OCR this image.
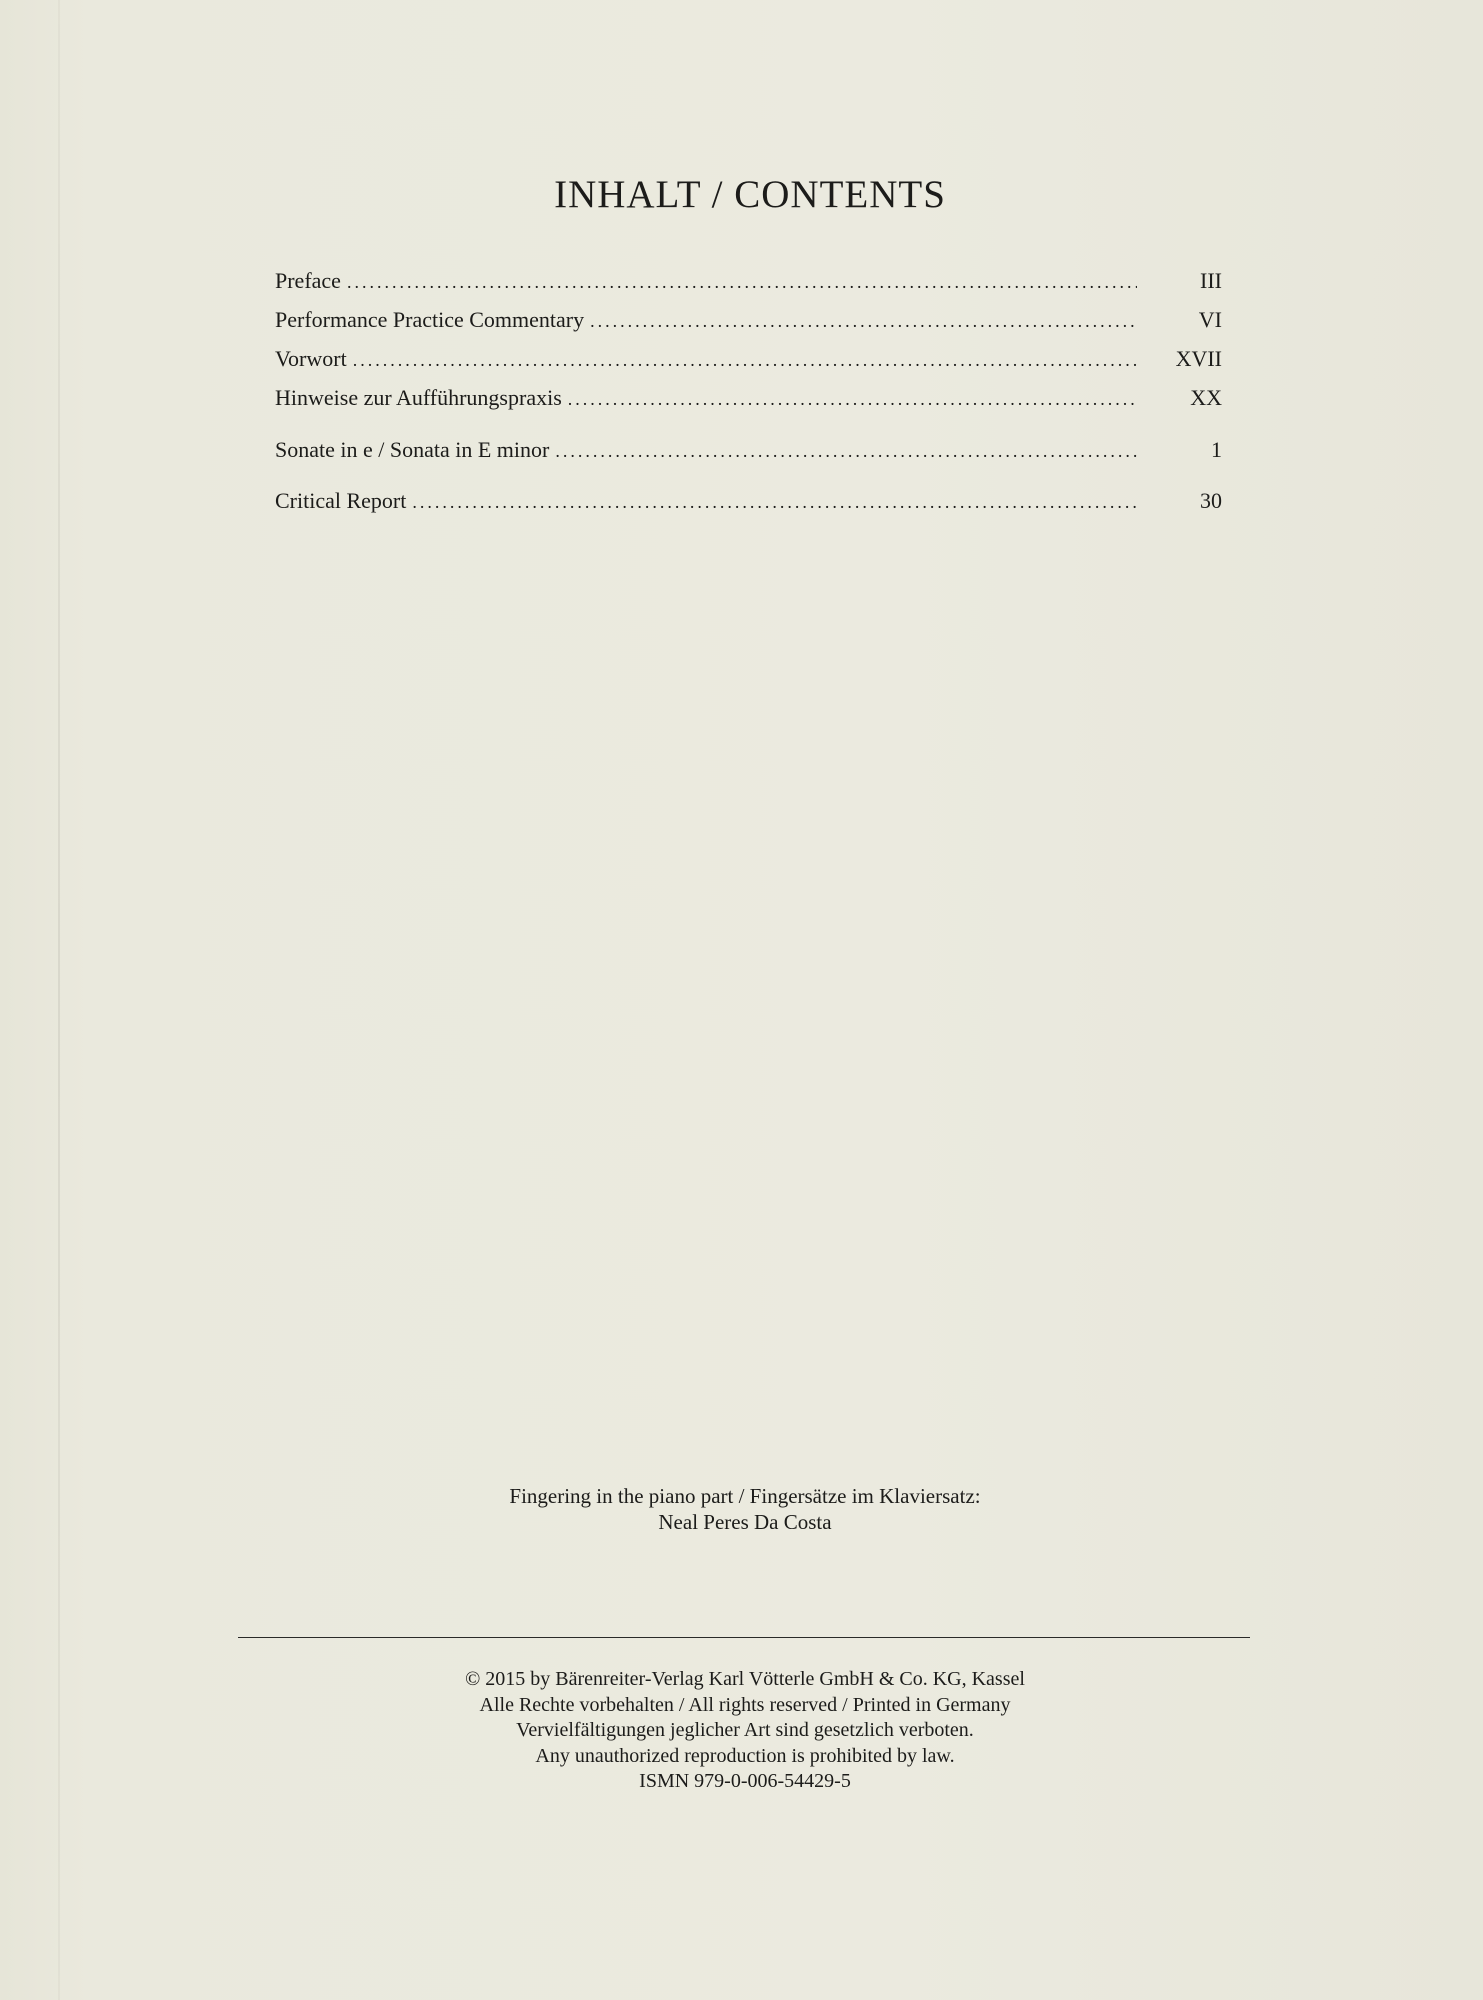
INHALT / CONTENTS
Preface .....	III
Performance Practice Commentary .....	VI
Vorwort .....	XVII
Hinweise zur Aufführungspraxis .....	XX
Sonate in e / Sonata in E minor .....	1
Critical Report .....	30
Fingering in the piano part / Fingersätze im Klaviersatz:
Neal Peres Da Costa
© 2015 by Bärenreiter-Verlag Karl Vötterle GmbH & Co. KG, Kassel
Alle Rechte vorbehalten / All rights reserved / Printed in Germany
Vervielfältigungen jeglicher Art sind gesetzlich verboten.
Any unauthorized reproduction is prohibited by law.
ISMN 979-0-006-54429-5
